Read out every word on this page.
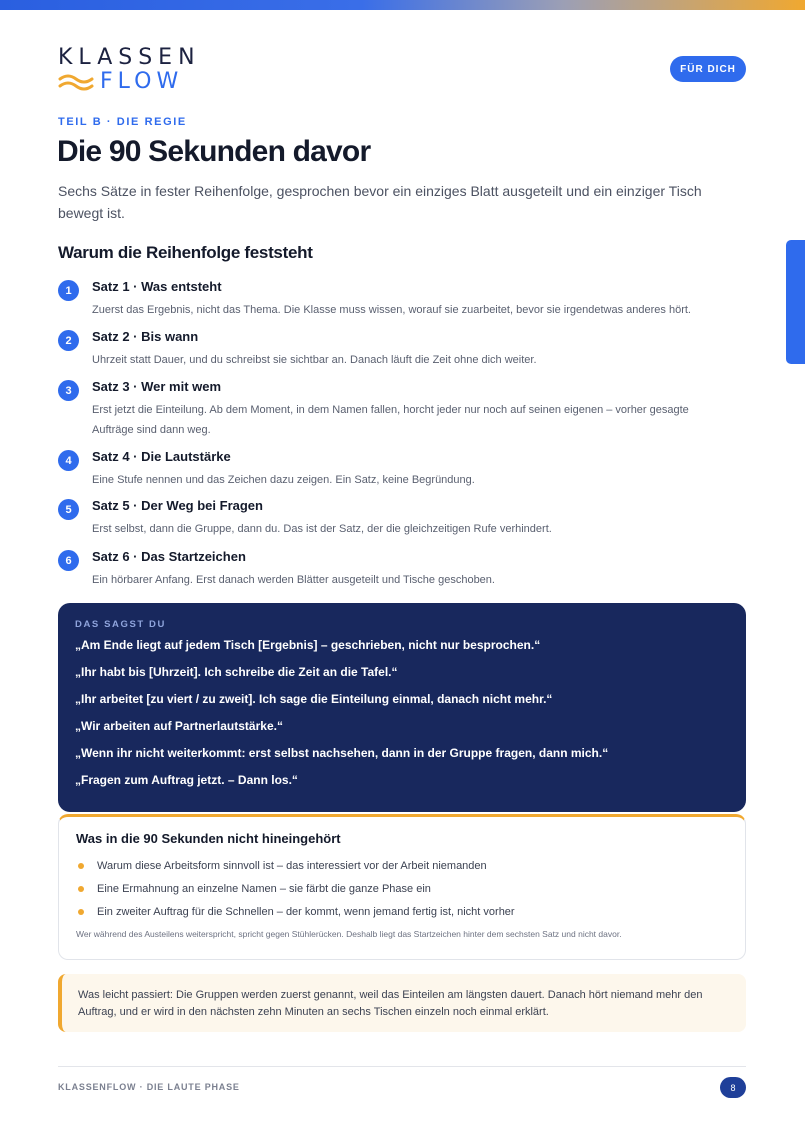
KLASSEN
FLOW	FÜR DICH
TEIL B · DIE REGIE
Die 90 Sekunden davor

Sechs Sätze in fester Reihenfolge, gesprochen bevor ein einziges Blatt ausgeteilt und ein einziger Tisch bewegt ist.

Warum die Reihenfolge feststeht
1	Satz 1 · Was entsteht
Zuerst das Ergebnis, nicht das Thema. Die Klasse muss wissen, worauf sie zuarbeitet, bevor sie irgendetwas anderes hört.
2	Satz 2 · Bis wann
Uhrzeit statt Dauer, und du schreibst sie sichtbar an. Danach läuft die Zeit ohne dich weiter.
3	Satz 3 · Wer mit wem
Erst jetzt die Einteilung. Ab dem Moment, in dem Namen fallen, horcht jeder nur noch auf seinen eigenen – vorher gesagte Aufträge sind dann weg.
4	Satz 4 · Die Lautstärke
Eine Stufe nennen und das Zeichen dazu zeigen. Ein Satz, keine Begründung.
5	Satz 5 · Der Weg bei Fragen
Erst selbst, dann die Gruppe, dann du. Das ist der Satz, der die gleichzeitigen Rufe verhindert.
6	Satz 6 · Das Startzeichen
Ein hörbarer Anfang. Erst danach werden Blätter ausgeteilt und Tische geschoben.
DAS SAGST DU
„Am Ende liegt auf jedem Tisch [Ergebnis] – geschrieben, nicht nur besprochen.“
„Ihr habt bis [Uhrzeit]. Ich schreibe die Zeit an die Tafel.“
„Ihr arbeitet [zu viert / zu zweit]. Ich sage die Einteilung einmal, danach nicht mehr.“
„Wir arbeiten auf Partnerlautstärke.“
„Wenn ihr nicht weiterkommt: erst selbst nachsehen, dann in der Gruppe fragen, dann mich.“
„Fragen zum Auftrag jetzt. – Dann los.“
Was in die 90 Sekunden nicht hineingehört
Warum diese Arbeitsform sinnvoll ist – das interessiert vor der Arbeit niemanden
Eine Ermahnung an einzelne Namen – sie färbt die ganze Phase ein
Ein zweiter Auftrag für die Schnellen – der kommt, wenn jemand fertig ist, nicht vorher
Wer während des Austeilens weiterspricht, spricht gegen Stühlerücken. Deshalb liegt das Startzeichen hinter dem sechsten Satz und nicht davor.
Was leicht passiert: Die Gruppen werden zuerst genannt, weil das Einteilen am längsten dauert. Danach hört niemand mehr den Auftrag, und er wird in den nächsten zehn Minuten an sechs Tischen einzeln noch einmal erklärt.
KLASSENFLOW · DIE LAUTE PHASE	8
